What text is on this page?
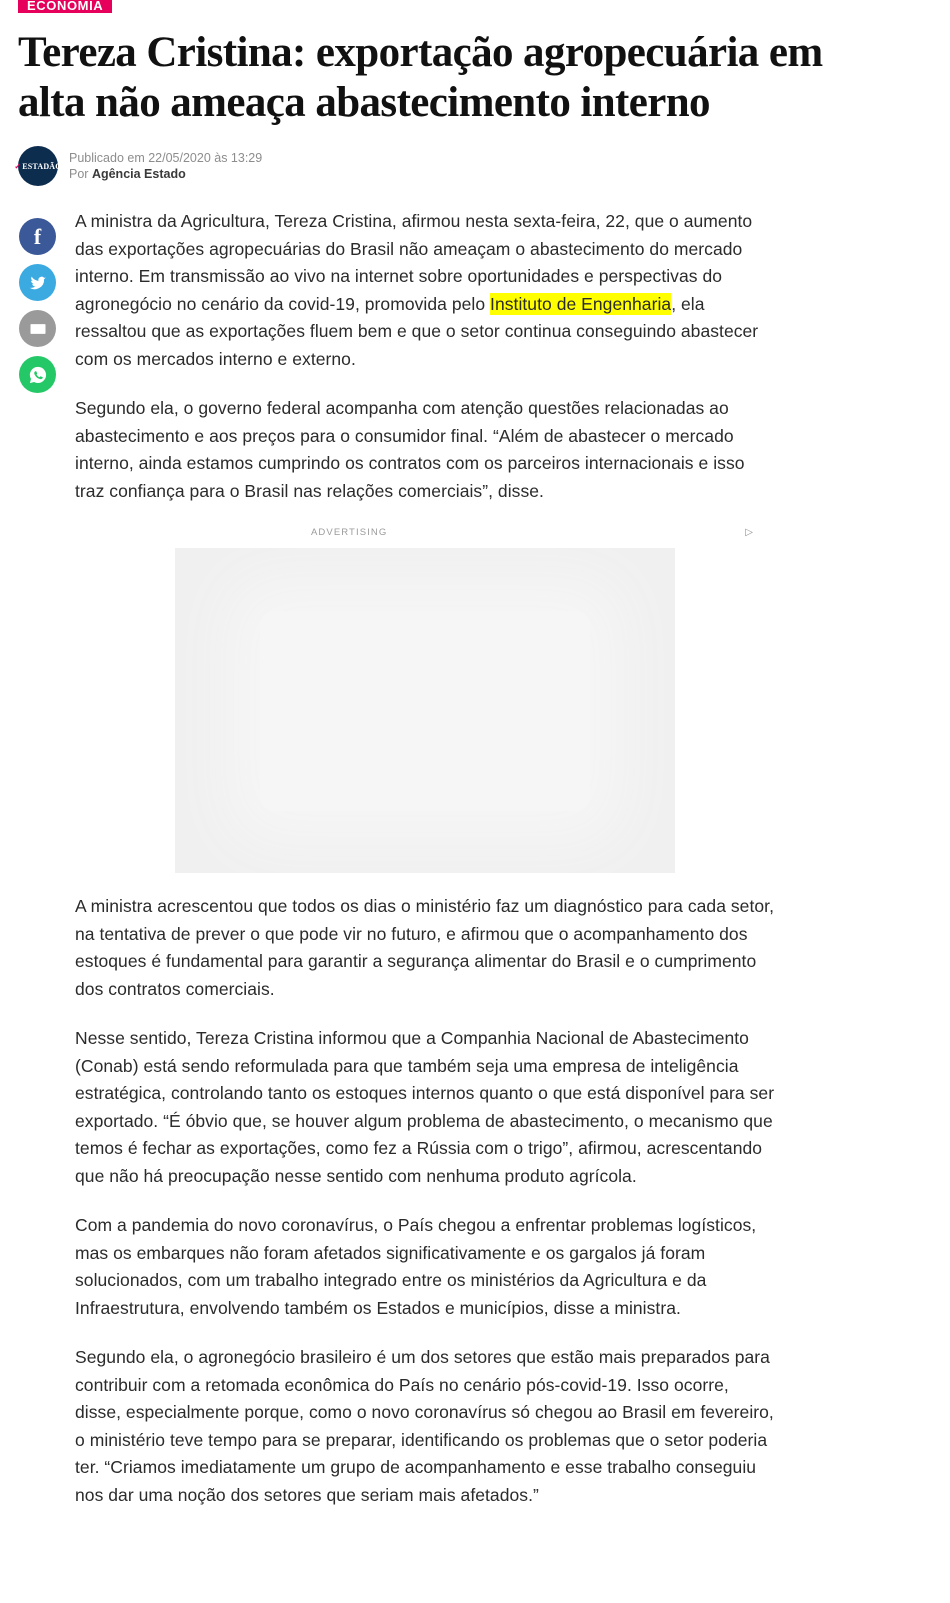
ECONOMIA
Tereza Cristina: exportação agropecuária em alta não ameaça abastecimento interno
✓ ESTADÃO
Publicado em 22/05/2020 às 13:29
Por Agência Estado
f

A ministra da Agricultura, Tereza Cristina, afirmou nesta sexta-feira, 22, que o aumento das exportações agropecuárias do Brasil não ameaçam o abastecimento do mercado interno. Em transmissão ao vivo na internet sobre oportunidades e perspectivas do agronegócio no cenário da covid-19, promovida pelo Instituto de Engenharia, ela ressaltou que as exportações fluem bem e que o setor continua conseguindo abastecer com os mercados interno e externo.

Segundo ela, o governo federal acompanha com atenção questões relacionadas ao abastecimento e aos preços para o consumidor final. “Além de abastecer o mercado interno, ainda estamos cumprindo os contratos com os parceiros internacionais e isso traz confiança para o Brasil nas relações comerciais”, disse.

ADVERTISING	▷

A ministra acrescentou que todos os dias o ministério faz um diagnóstico para cada setor, na tentativa de prever o que pode vir no futuro, e afirmou que o acompanhamento dos estoques é fundamental para garantir a segurança alimentar do Brasil e o cumprimento dos contratos comerciais.

Nesse sentido, Tereza Cristina informou que a Companhia Nacional de Abastecimento (Conab) está sendo reformulada para que também seja uma empresa de inteligência estratégica, controlando tanto os estoques internos quanto o que está disponível para ser exportado. “É óbvio que, se houver algum problema de abastecimento, o mecanismo que temos é fechar as exportações, como fez a Rússia com o trigo”, afirmou, acrescentando que não há preocupação nesse sentido com nenhuma produto agrícola.

Com a pandemia do novo coronavírus, o País chegou a enfrentar problemas logísticos, mas os embarques não foram afetados significativamente e os gargalos já foram solucionados, com um trabalho integrado entre os ministérios da Agricultura e da Infraestrutura, envolvendo também os Estados e municípios, disse a ministra.

Segundo ela, o agronegócio brasileiro é um dos setores que estão mais preparados para contribuir com a retomada econômica do País no cenário pós-covid-19. Isso ocorre, disse, especialmente porque, como o novo coronavírus só chegou ao Brasil em fevereiro, o ministério teve tempo para se preparar, identificando os problemas que o setor poderia ter. “Criamos imediatamente um grupo de acompanhamento e esse trabalho conseguiu nos dar uma noção dos setores que seriam mais afetados.”
